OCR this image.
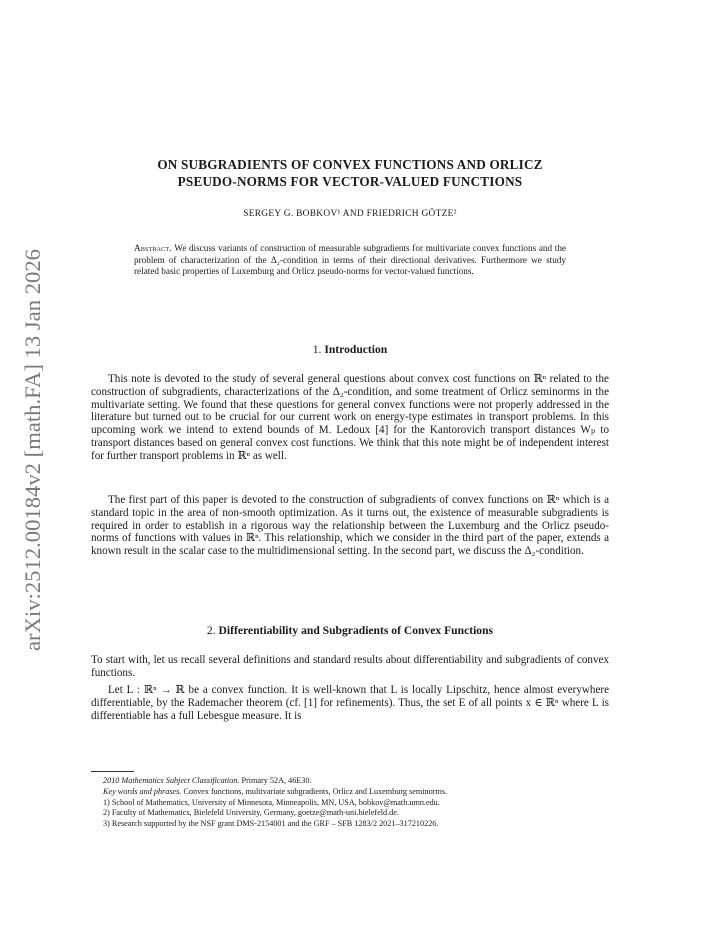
arXiv:2512.00184v2 [math.FA] 13 Jan 2026
ON SUBGRADIENTS OF CONVEX FUNCTIONS AND ORLICZ
PSEUDO-NORMS FOR VECTOR-VALUED FUNCTIONS
SERGEY G. BOBKOV¹ AND FRIEDRICH GÖTZE²
Abstract. We discuss variants of construction of measurable subgradients for multivariate convex functions and the problem of characterization of the Δ₂-condition in terms of their directional derivatives. Furthermore we study related basic properties of Luxemburg and Orlicz pseudo-norms for vector-valued functions.
1. Introduction
This note is devoted to the study of several general questions about convex cost functions on ℝⁿ related to the construction of subgradients, characterizations of the Δ₂-condition, and some treatment of Orlicz seminorms in the multivariate setting. We found that these questions for general convex functions were not properly addressed in the literature but turned out to be crucial for our current work on energy-type estimates in transport problems. In this upcoming work we intend to extend bounds of M. Ledoux [4] for the Kantorovich transport distances Wₚ to transport distances based on general convex cost functions. We think that this note might be of independent interest for further transport problems in ℝⁿ as well.
The first part of this paper is devoted to the construction of subgradients of convex functions on ℝⁿ which is a standard topic in the area of non-smooth optimization. As it turns out, the existence of measurable subgradients is required in order to establish in a rigorous way the relationship between the Luxemburg and the Orlicz pseudo-norms of functions with values in ℝⁿ. This relationship, which we consider in the third part of the paper, extends a known result in the scalar case to the multidimensional setting. In the second part, we discuss the Δ₂-condition.
2. Differentiability and Subgradients of Convex Functions
To start with, let us recall several definitions and standard results about differentiability and subgradients of convex functions.
Let L : ℝⁿ → ℝ be a convex function. It is well-known that L is locally Lipschitz, hence almost everywhere differentiable, by the Rademacher theorem (cf. [1] for refinements). Thus, the set E of all points x ∈ ℝⁿ where L is differentiable has a full Lebesgue measure. It is
2010 Mathematics Subject Classification. Primary 52A, 46E30.
Key words and phrases. Convex functions, multivariate subgradients, Orlicz and Luxemburg seminorms.
1) School of Mathematics, University of Minnesota, Minneapolis, MN, USA, bobkov@math.umn.edu.
2) Faculty of Mathematics, Bielefeld University, Germany, goetze@math-uni.bielefeld.de.
3) Research supported by the NSF grant DMS-2154001 and the GRF – SFB 1283/2 2021–317210226.
